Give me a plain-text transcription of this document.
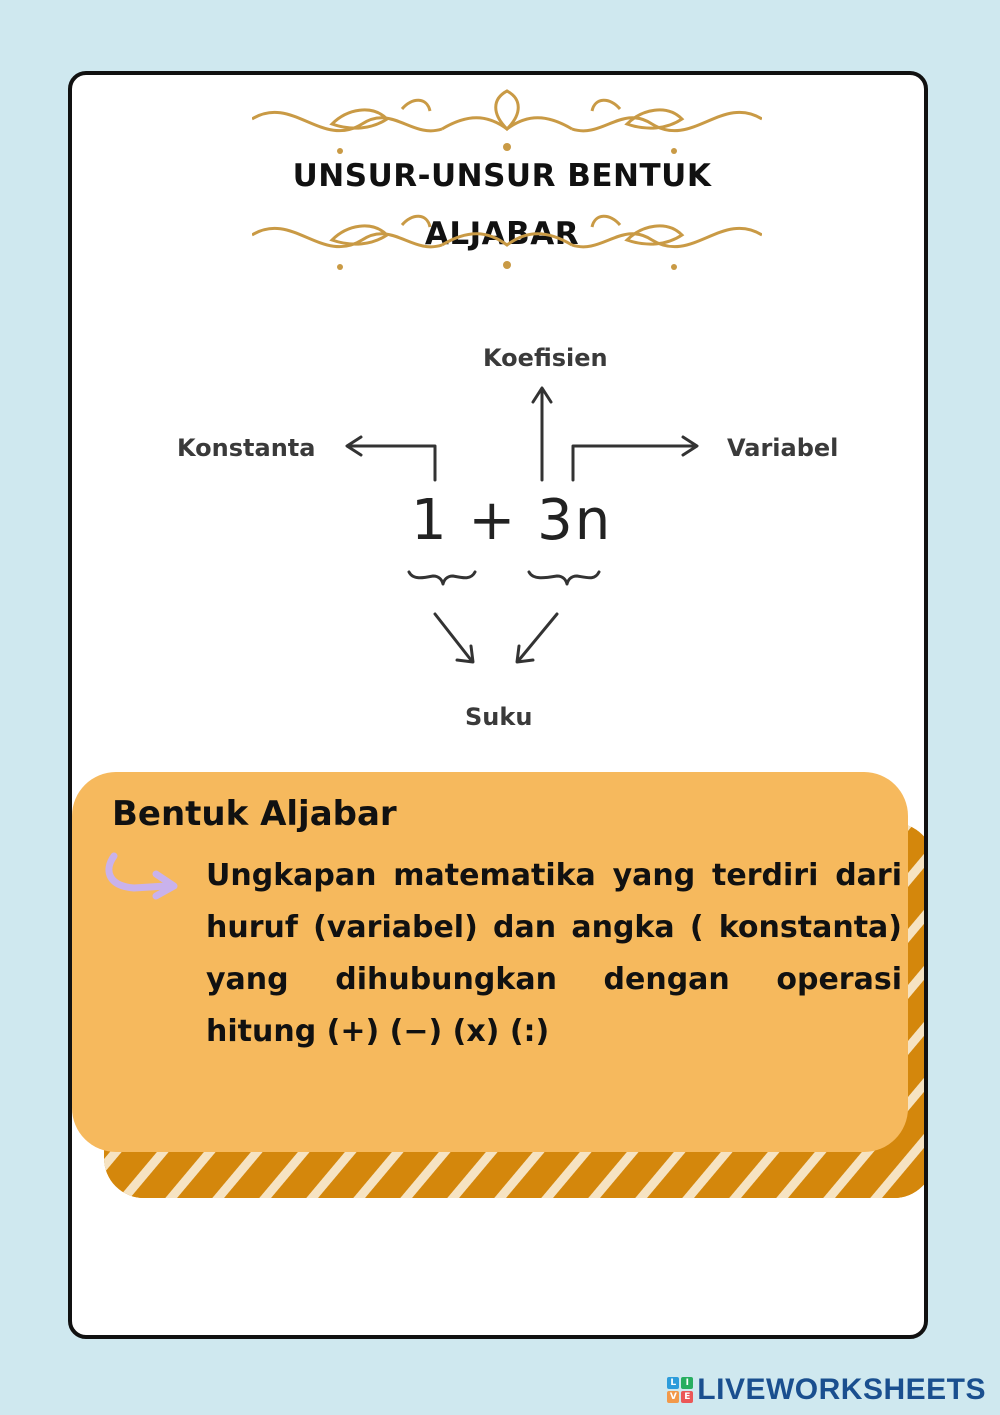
UNSUR-UNSUR BENTUK ALJABAR
Koefisien
Konstanta	Variabel
1 + 3n
Suku
Bentuk Aljabar
Ungkapan matematika yang terdiri dari huruf (variabel) dan angka ( konstanta) yang dihubungkan dengan operasi hitung (+) (−) (x) (:)
L	I
V E LIVEWORKSHEETS
